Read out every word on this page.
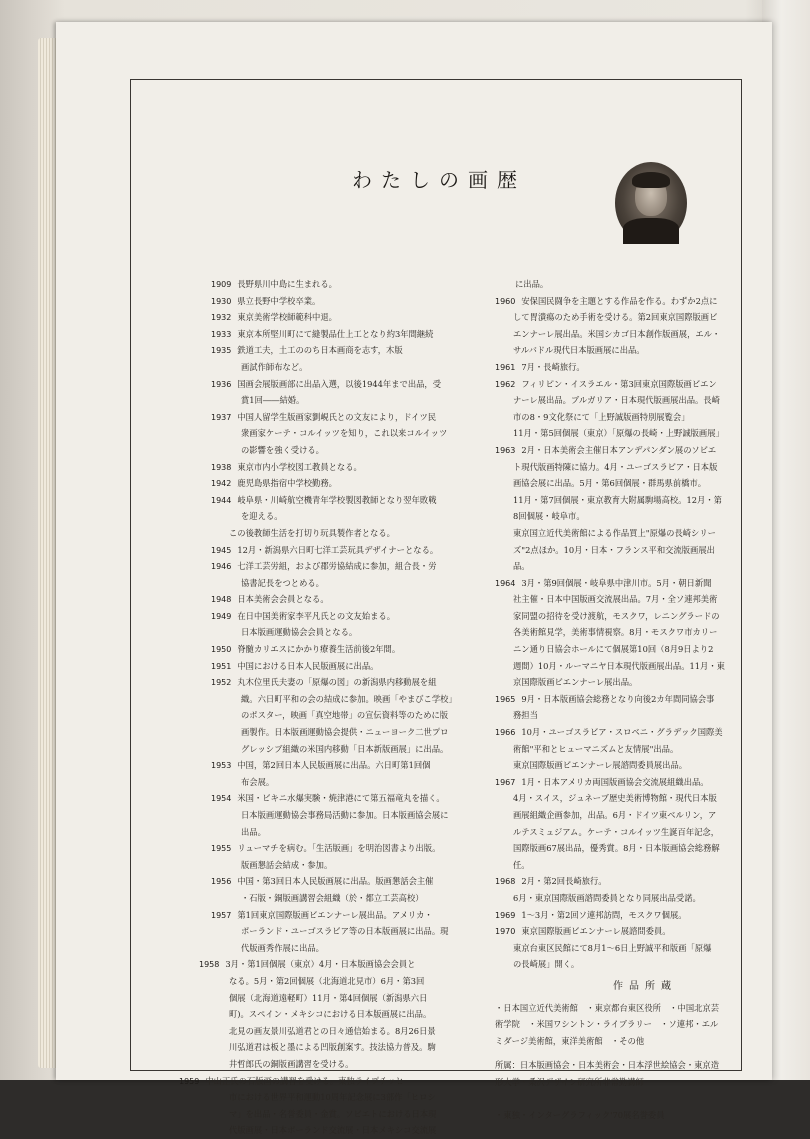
わたしの画歴
1909 長野県川中島に生まれる。
1930 県立長野中学校卒業。
1932 東京美術学校師範科中退。
1933 東京本所堅川町にて縫製品仕上工となり約3年間継続
1935 鉄道工夫，土工ののち日本画商を志す，木版
画試作師布など。
1936 国画会展版画部に出品入選，以後1944年まで出品，受
賞1回――結婚。
1937 中国人留学生版画家劉峴氏との文友により，ドイツ民
衆画家ケーテ・コルイッツを知り，これ以来コルイッツ
の影響を強く受ける。
1938 東京市内小学校図工教員となる。
1942 鹿児島県指宿中学校勤務。
1944 岐阜県・川崎航空機青年学校製図教師となり翌年敗戦
を迎える。
この後教師生活を打切り玩具製作者となる。
1945 12月・新潟県六日町七洋工芸玩具デザイナーとなる。
1946 七洋工芸労組，および郡労協結成に参加，組合長・労
協書記長をつとめる。
1948 日本美術会会員となる。
1949 在日中国美術家李平凡氏との文友始まる。
日本版画運動協会会員となる。
1950 脊髄カリエスにかかり療養生活前後2年間。
1951 中国における日本人民版画展に出品。
1952 丸木位里氏夫妻の「原爆の図」の新潟県内移動展を組
織。六日町平和の会の結成に参加。映画「やまびこ学校」
のポスター，映画「真空地帯」の宣伝資料等のために版
画製作。日本版画運動協会提供・ニューヨーク二世プロ
グレッシブ組織の米国内移動「日本新版画展」に出品。
1953 中国，第2回日本人民版画展に出品。六日町第1回個
布会展。
1954 米国・ビキニ水爆実験・焼津港にて第五福竜丸を描く。
日本版画運動協会事務局活動に参加。日本版画協会展に
出品。
1955 リューマチを病む。「生活版画」を明治図書より出版。
版画懇話会結成・参加。
1956 中国・第3回日本人民版画展に出品。版画懇話会主催
・石版・銅版画講習会組織（於・都立工芸高校）
1957 第1回東京国際版画ビエンナーレ展出品。アメリカ・
ポーランド・ユーゴスラビア等の日本版画展に出品。現
代版画秀作展に出品。
1958 3月・第1回個展（東京）4月・日本版画協会会員と
なる。5月・第2回個展（北海道北見市）6月・第3回
個展（北海道遠軽町）11月・第4回個展（新潟県六日
町)。スペイン・メキシコにおける日本版画展に出品。
北見の画友景川弘道君との日々通信始まる。8月26日景
川弘道君は板と墨による凹版創案す。技法協力普及。駒
井哲郎氏の銅版画講習を受ける。
1959 中山正氏の石版画の講習を受ける。東独ライプチッヒ
市における世界平和運動10周年記念展に3部作「ヒロシ
マ」を出品・名誉委員・金賞。ソビエトにおける日本現
代版画展・日本ポーランド交流展・日本メキシコ交流展
に出品。
1960 安保国民闘争を主題とする作品を作る。わずか2点に
して胃潰瘍のため手術を受ける。第2回東京国際版画ビ
エンナーレ展出品。米国シカゴ日本創作版画展，エル・
サルバドル現代日本版画展に出品。
1961 7月・長崎旅行。
1962 フィリピン・イスラエル・第3回東京国際版画ビエン
ナーレ展出品。ブルガリア・日本現代版画展出品。長崎
市の8・9文化祭にて「上野誠版画特別展覧会」
11月・第5回個展（東京）「原爆の長崎・上野誠版画展」
1963 2月・日本美術会主催日本アンデパンダン展のソビエ
ト現代版画特陳に協力。4月・ユーゴスラビア・日本版
画協会展に出品。5月・第6回個展・群馬県前橋市。
11月・第7回個展・東京教育大附属駒場高校。12月・第
8回個展・岐阜市。
東京国立近代美術館による作品買上"原爆の長崎シリー
ズ"2点ほか。10月・日本・フランス平和交流版画展出
品。
1964 3月・第9回個展・岐阜県中津川市。5月・朝日新聞
社主催・日本中国版画交流展出品。7月・全ソ連邦美術
家同盟の招待を受け渡航，モスクワ，レニングラードの
各美術館見学，美術事情視察。8月・モスクワ市カリー
ニン通り日協会ホールにて個展第10回（8月9日より2
週間）10月・ルーマニヤ日本現代版画展出品。11月・東
京国際版画ビエンナーレ展出品。
1965 9月・日本版画協会総務となり向後2カ年間同協会事
務担当
1966 10月・ユーゴスラビア・スロベニ・グラデック国際美
術館"平和とヒューマニズムと友情展"出品。
東京国際版画ビエンナーレ展諮問委員展出品。
1967 1月・日本アメリカ両国版画協会交流展組織出品。
4月・スイス，ジュネーブ歴史美術博物館・現代日本版
画展組織企画参加，出品。6月・ドイツ東ベルリン，ア
ルテスミュジアム。ケーテ・コルイッツ生誕百年記念，
国際版画67展出品，優秀賞。8月・日本版画協会総務解
任。
1968 2月・第2回長崎旅行。
6月・東京国際版画諮問委員となり同展出品受諾。
1969 1～3月・第2回ソ連邦訪問，モスクワ個展。
1970 東京国際版画ビエンナーレ展諮問委員。
東京台東区民館にて8月1～6日上野誠平和版画「原爆
の長崎展」開く。
作品所蔵
・日本国立近代美術館　・東京都台東区役所　・中国北京芸
術学院　・米国ワシントン・ライブラリー　・ソ連邦・エル
ミダージ美術館，東洋美術館　・その他
所属：日本版画協会・日本美術会・日本浮世絵協会・東京造
形大学・桑沢デザイン研究所非常勤講師
・東独・インターグラフィック'70展名誉委員
